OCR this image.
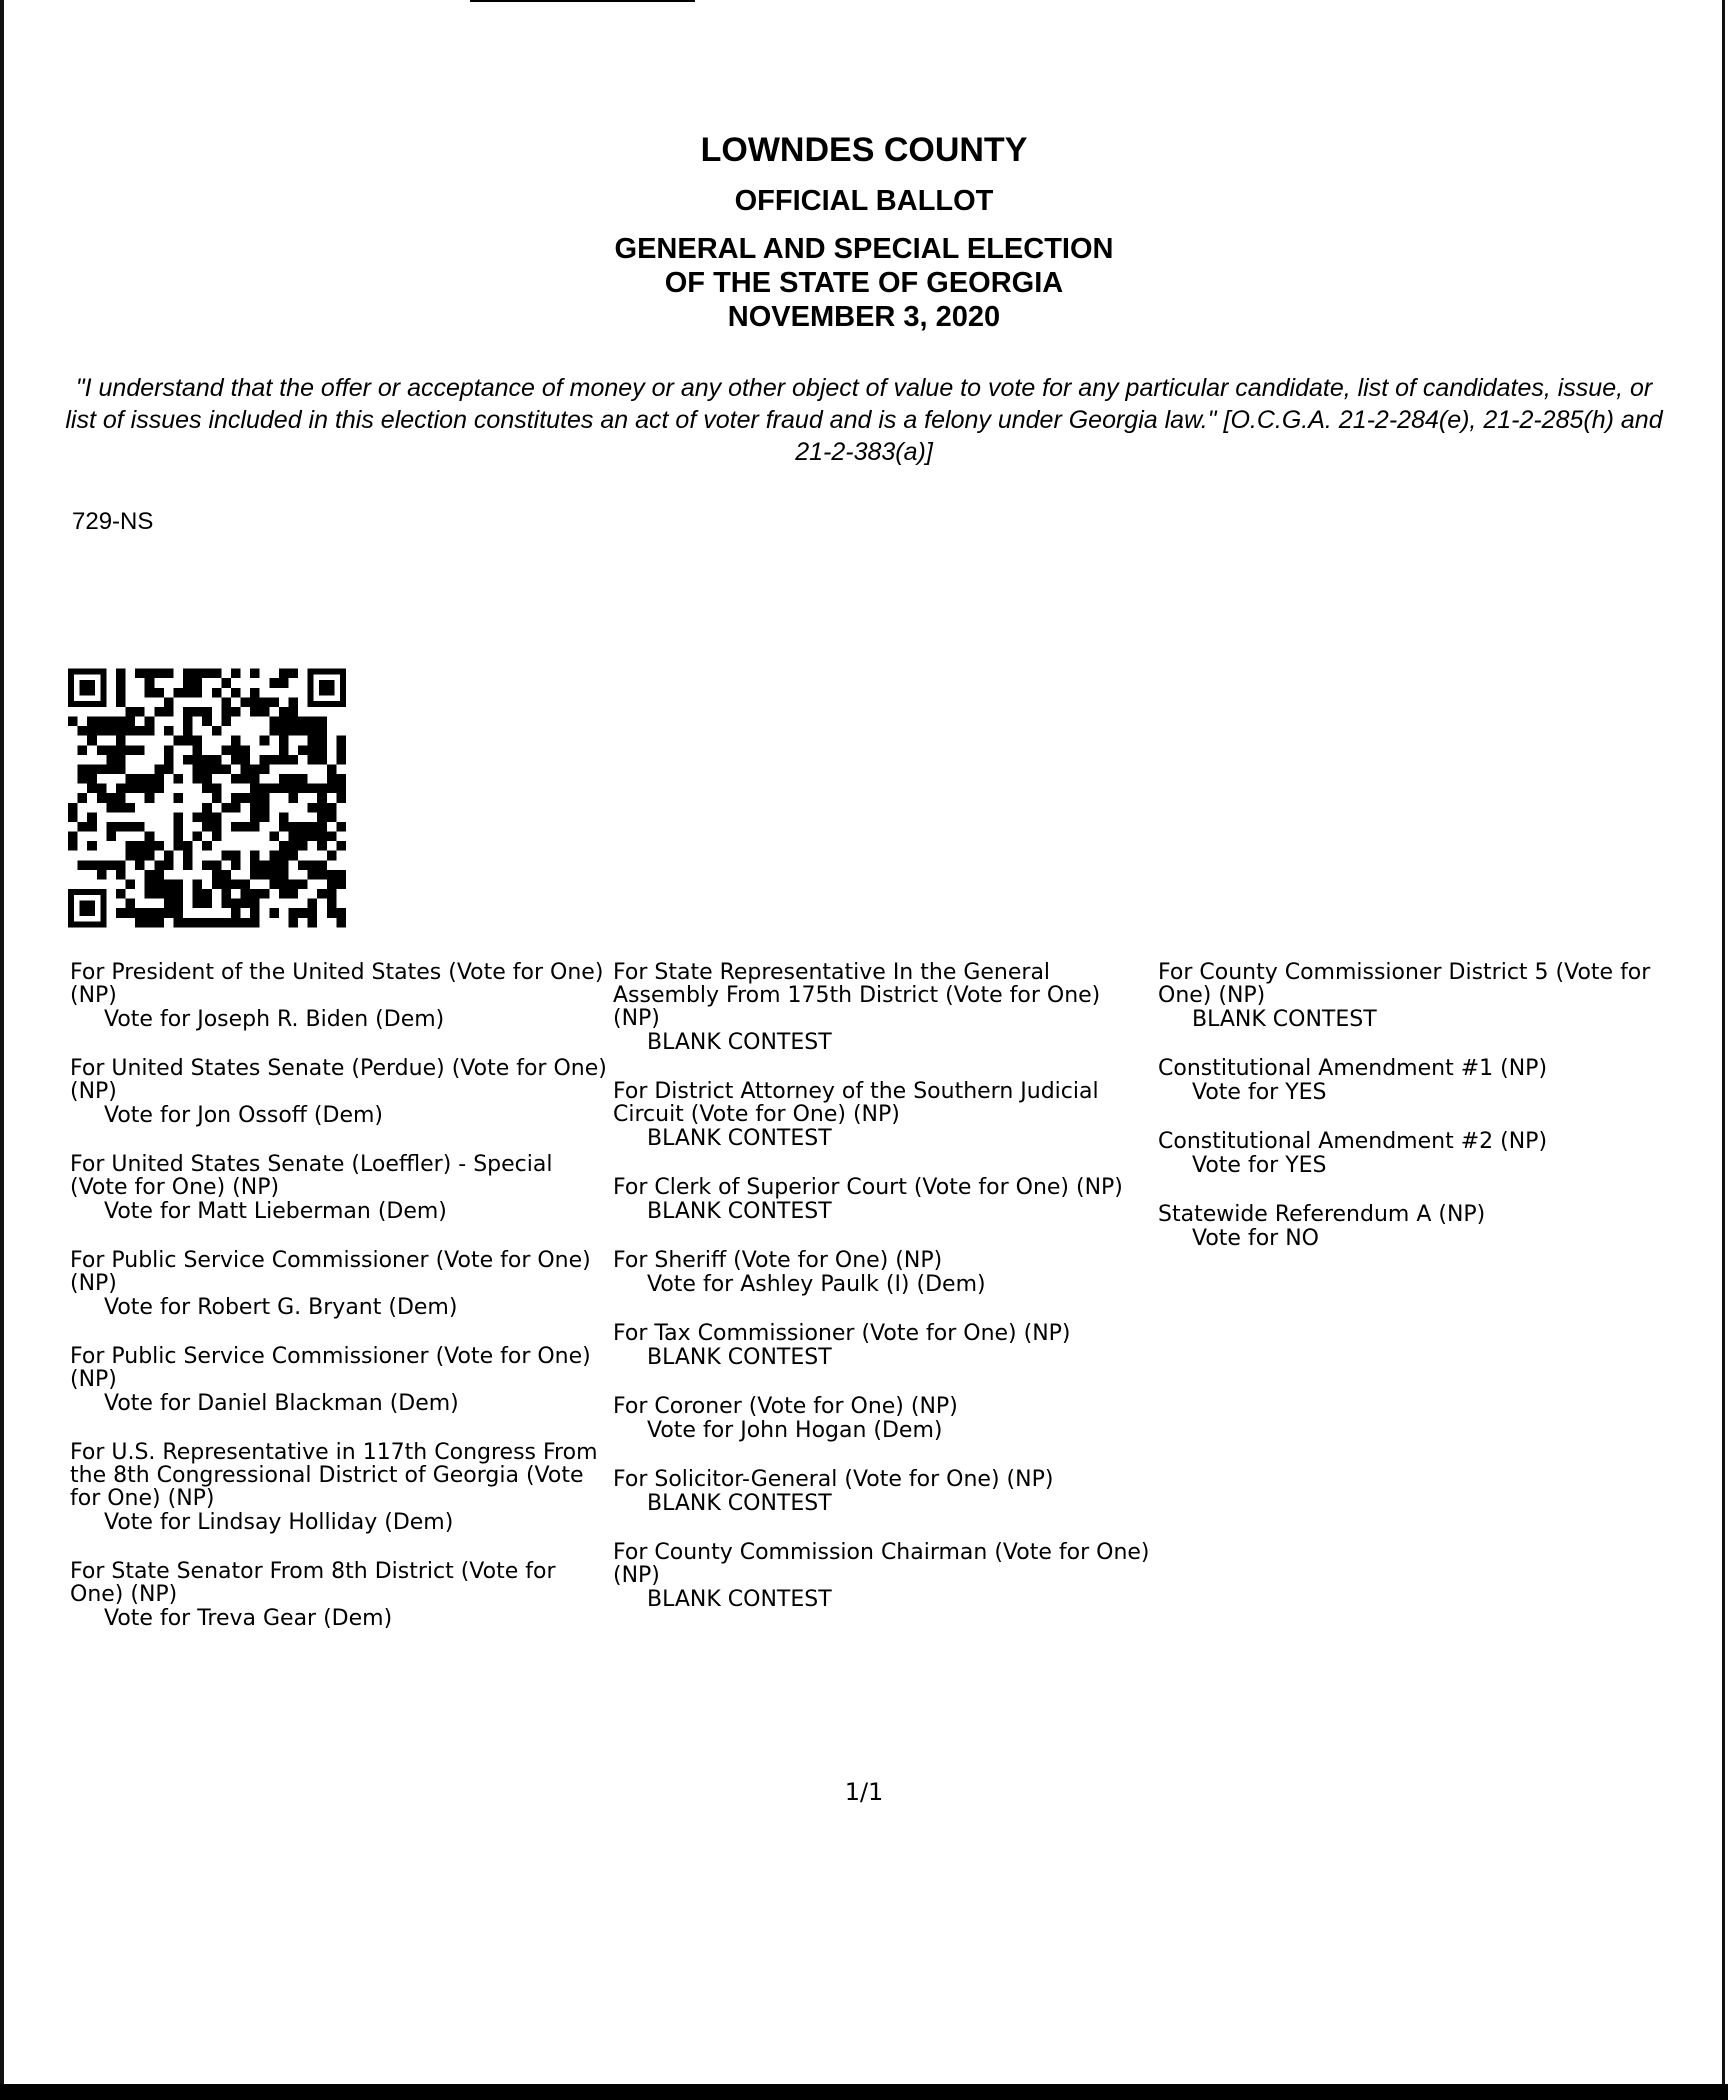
LOWNDES COUNTY
OFFICIAL BALLOT
GENERAL AND SPECIAL ELECTION
OF THE STATE OF GEORGIA
NOVEMBER 3, 2020
"I understand that the offer or acceptance of money or any other object of value to vote for any particular candidate, list of candidates, issue, or list of issues included in this election constitutes an act of voter fraud and is a felony under Georgia law." [O.C.G.A. 21-2-284(e), 21-2-285(h) and 21-2-383(a)]
729-NS
For President of the United States (Vote for One) (NP)
Vote for Joseph R. Biden (Dem)
For United States Senate (Perdue) (Vote for One) (NP)
Vote for Jon Ossoff (Dem)
For United States Senate (Loeffler) - Special (Vote for One) (NP)
Vote for Matt Lieberman (Dem)
For Public Service Commissioner (Vote for One) (NP)
Vote for Robert G. Bryant (Dem)
For Public Service Commissioner (Vote for One) (NP)
Vote for Daniel Blackman (Dem)
For U.S. Representative in 117th Congress From the 8th Congressional District of Georgia (Vote for One) (NP)
Vote for Lindsay Holliday (Dem)
For State Senator From 8th District (Vote for One) (NP)
Vote for Treva Gear (Dem)
For State Representative In the General Assembly From 175th District (Vote for One) (NP)
BLANK CONTEST
For District Attorney of the Southern Judicial Circuit (Vote for One) (NP)
BLANK CONTEST
For Clerk of Superior Court (Vote for One) (NP)
BLANK CONTEST
For Sheriff (Vote for One) (NP)
Vote for Ashley Paulk (I) (Dem)
For Tax Commissioner (Vote for One) (NP)
BLANK CONTEST
For Coroner (Vote for One) (NP)
Vote for John Hogan (Dem)
For Solicitor-General (Vote for One) (NP)
BLANK CONTEST
For County Commission Chairman (Vote for One) (NP)
BLANK CONTEST
For County Commissioner District 5 (Vote for One) (NP)
BLANK CONTEST
Constitutional Amendment #1 (NP)
Vote for YES
Constitutional Amendment #2 (NP)
Vote for YES
Statewide Referendum A (NP)
Vote for NO
1/1
